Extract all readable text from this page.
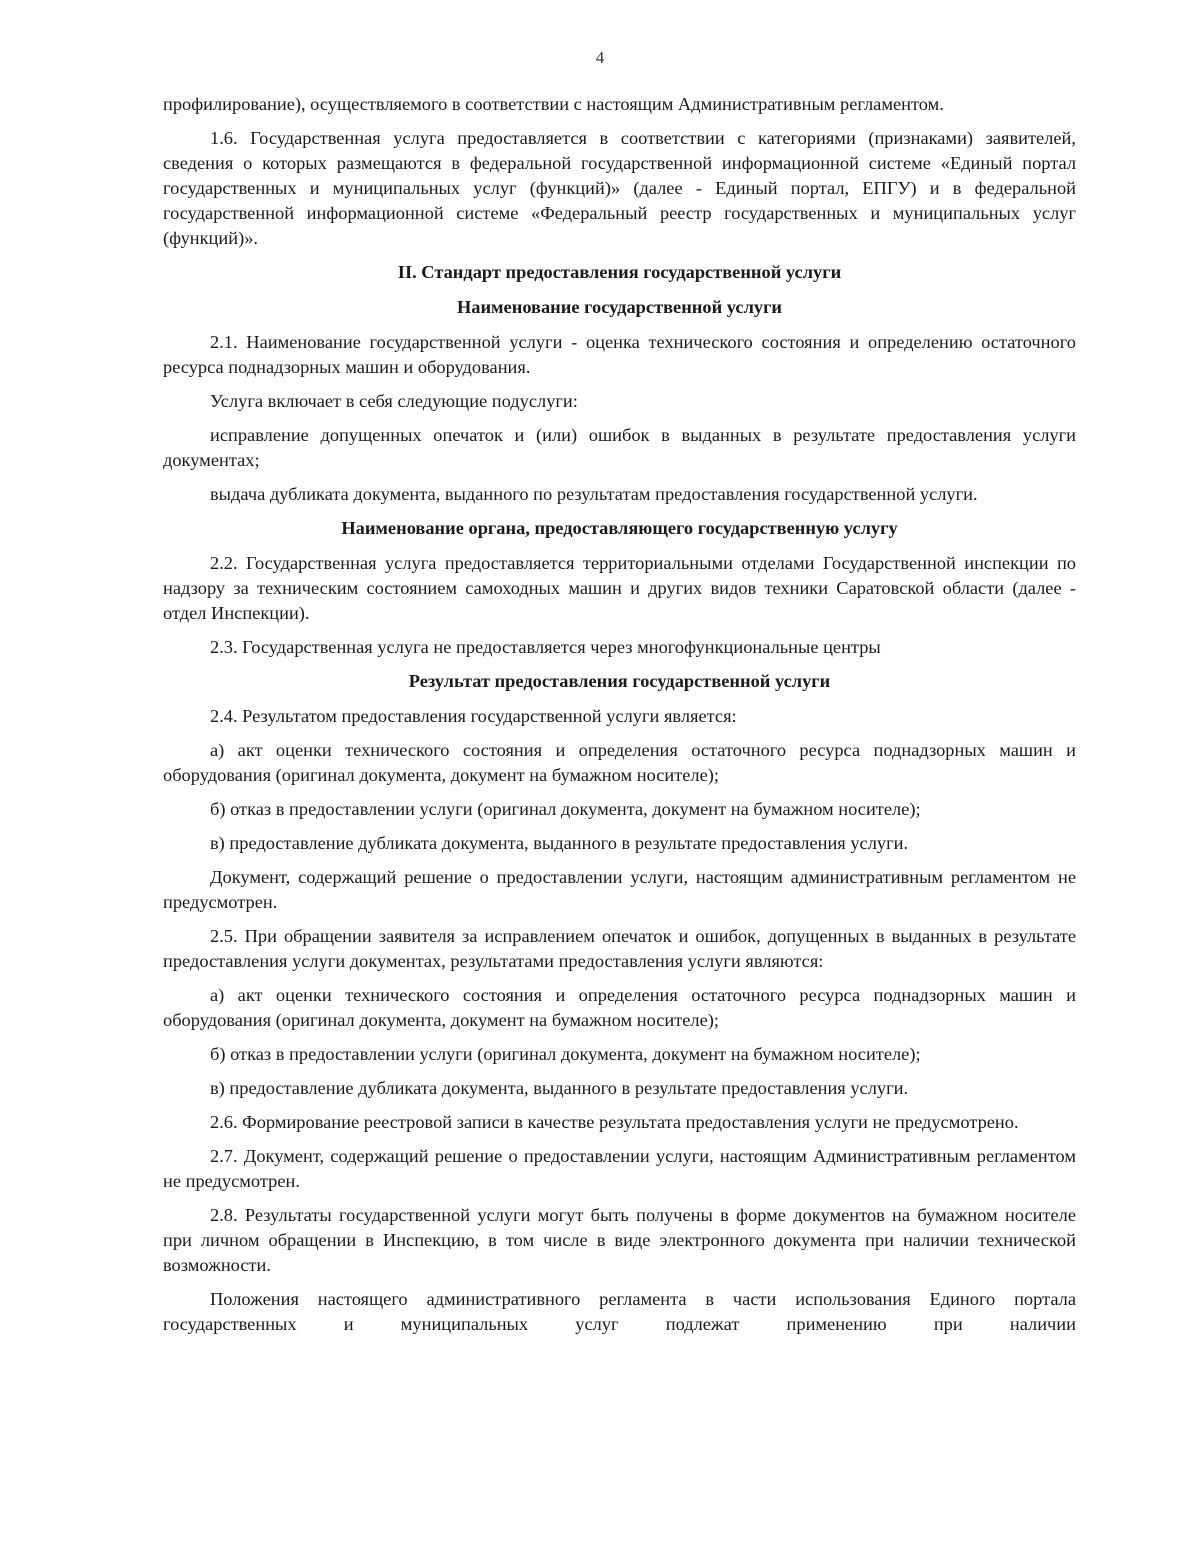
4

профилирование), осуществляемого в соответствии с настоящим Административным регламентом.

1.6. Государственная услуга предоставляется в соответствии с категориями (признаками) заявителей, сведения о которых размещаются в федеральной государственной информационной системе «Единый портал государственных и муниципальных услуг (функций)» (далее - Единый портал, ЕПГУ) и в федеральной государственной информационной системе «Федеральный реестр государственных и муниципальных услуг (функций)».

II. Стандарт предоставления государственной услуги
Наименование государственной услуги

2.1. Наименование государственной услуги - оценка технического состояния и определению остаточного ресурса поднадзорных машин и оборудования.

Услуга включает в себя следующие подуслуги:

исправление допущенных опечаток и (или) ошибок в выданных в результате предоставления услуги документах;

выдача дубликата документа, выданного по результатам предоставления государственной услуги.

Наименование органа, предоставляющего государственную услугу

2.2. Государственная услуга предоставляется территориальными отделами Государственной инспекции по надзору за техническим состоянием самоходных машин и других видов техники Саратовской области (далее - отдел Инспекции).

2.3. Государственная услуга не предоставляется через многофункциональные центры

Результат предоставления государственной услуги

2.4. Результатом предоставления государственной услуги является:

а) акт оценки технического состояния и определения остаточного ресурса поднадзорных машин и оборудования (оригинал документа, документ на бумажном носителе);

б) отказ в предоставлении услуги (оригинал документа, документ на бумажном носителе);

в) предоставление дубликата документа, выданного в результате предоставления услуги.

Документ, содержащий решение о предоставлении услуги, настоящим административным регламентом не предусмотрен.

2.5. При обращении заявителя за исправлением опечаток и ошибок, допущенных в выданных в результате предоставления услуги документах, результатами предоставления услуги являются:

а) акт оценки технического состояния и определения остаточного ресурса поднадзорных машин и оборудования (оригинал документа, документ на бумажном носителе);

б) отказ в предоставлении услуги (оригинал документа, документ на бумажном носителе);

в) предоставление дубликата документа, выданного в результате предоставления услуги.

2.6. Формирование реестровой записи в качестве результата предоставления услуги не предусмотрено.

2.7. Документ, содержащий решение о предоставлении услуги, настоящим Административным регламентом не предусмотрен.

2.8. Результаты государственной услуги могут быть получены в форме документов на бумажном носителе при личном обращении в Инспекцию, в том числе в виде электронного документа при наличии технической возможности.

Положения настоящего административного регламента в части использования Единого портала государственных и муниципальных услуг подлежат применению при наличии
